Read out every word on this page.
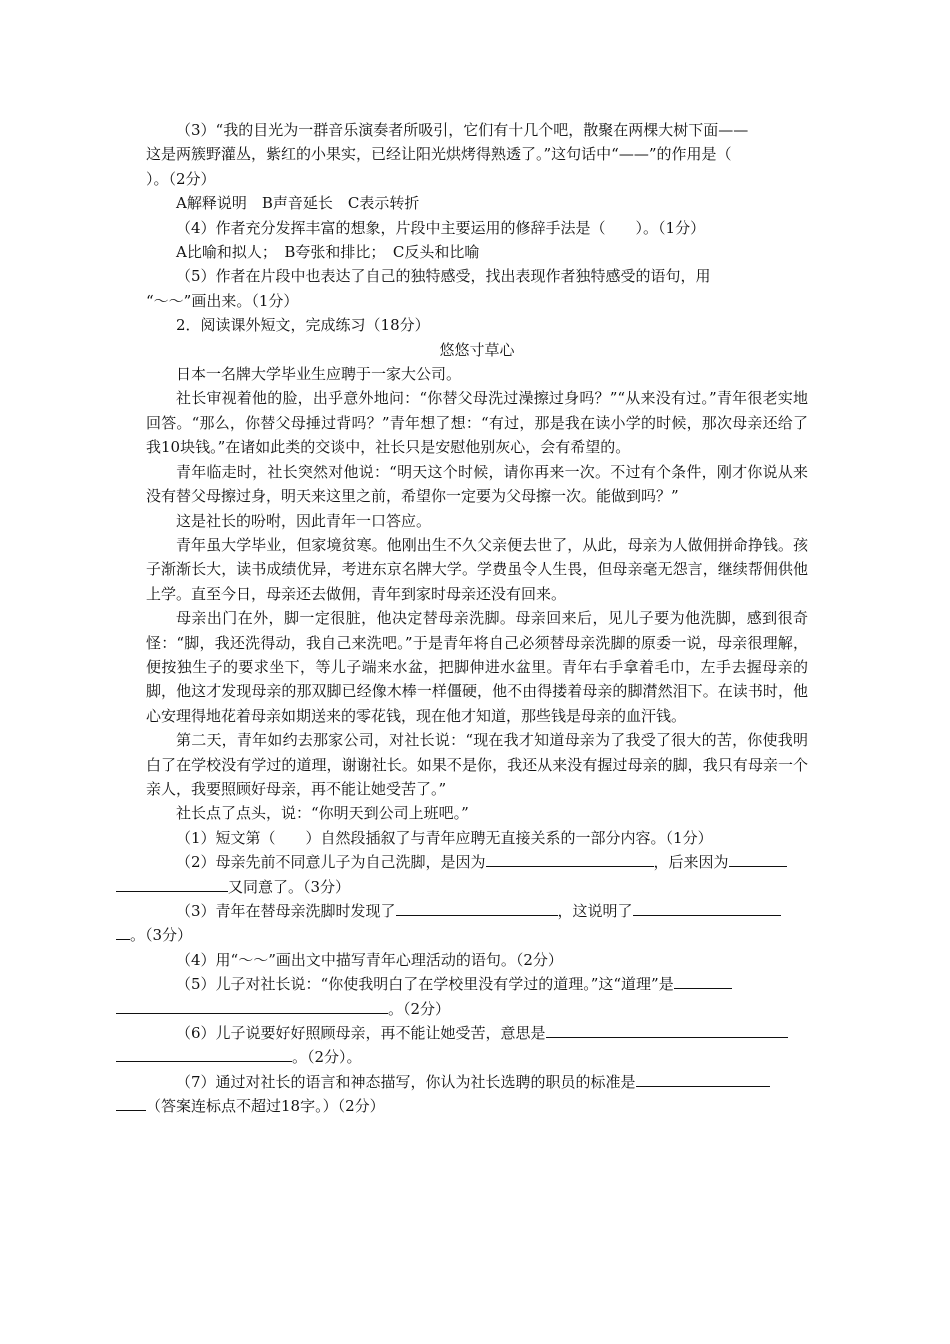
（3）“我的目光为一群音乐演奏者所吸引，它们有十几个吧，散聚在两棵大树下面——

这是两簇野灌丛，紫红的小果实，已经让阳光烘烤得熟透了。”这句话中“——”的作用是（

）。（2分）

A解释说明　B声音延长　C表示转折

（4）作者充分发挥丰富的想象，片段中主要运用的修辞手法是（　　）。（1分）

A比喻和拟人；　B夸张和排比；　C反头和比喻

（5）作者在片段中也表达了自己的独特感受，找出表现作者独特感受的语句，用

“～～”画出来。（1分）

2．阅读课外短文，完成练习（18分）

悠悠寸草心

日本一名牌大学毕业生应聘于一家大公司。

社长审视着他的脸，出乎意外地问：“你替父母洗过澡擦过身吗？”“从来没有过。”青年很老实地回答。“那么，你替父母捶过背吗？”青年想了想：“有过，那是我在读小学的时候，那次母亲还给了我10块钱。”在诸如此类的交谈中，社长只是安慰他别灰心，会有希望的。

青年临走时，社长突然对他说：“明天这个时候，请你再来一次。不过有个条件，刚才你说从来没有替父母擦过身，明天来这里之前，希望你一定要为父母擦一次。能做到吗？”

这是社长的吩咐，因此青年一口答应。

青年虽大学毕业，但家境贫寒。他刚出生不久父亲便去世了，从此，母亲为人做佣拼命挣钱。孩子渐渐长大，读书成绩优异，考进东京名牌大学。学费虽令人生畏，但母亲毫无怨言，继续帮佣供他上学。直至今日，母亲还去做佣，青年到家时母亲还没有回来。

母亲出门在外，脚一定很脏，他决定替母亲洗脚。母亲回来后，见儿子要为他洗脚，感到很奇怪：“脚，我还洗得动，我自己来洗吧。”于是青年将自己必须替母亲洗脚的原委一说，母亲很理解，便按独生子的要求坐下，等儿子端来水盆，把脚伸进水盆里。青年右手拿着毛巾，左手去握母亲的脚，他这才发现母亲的那双脚已经像木棒一样僵硬，他不由得搂着母亲的脚潸然泪下。在读书时，他心安理得地花着母亲如期送来的零花钱，现在他才知道，那些钱是母亲的血汗钱。

第二天，青年如约去那家公司，对社长说：“现在我才知道母亲为了我受了很大的苦，你使我明白了在学校没有学过的道理，谢谢社长。如果不是你，我还从来没有握过母亲的脚，我只有母亲一个亲人，我要照顾好母亲，再不能让她受苦了。”

社长点了点头，说：“你明天到公司上班吧。”

（1）短文第（　　）自然段插叙了与青年应聘无直接关系的一部分内容。（1分）

（2）母亲先前不同意儿子为自己洗脚，是因为	，后来因为
又同意了。（3分）

（3）青年在替母亲洗脚时发现了	，这说明了
。（3分）

（4）用“～～”画出文中描写青年心理活动的语句。（2分）

（5）儿子对社长说：“你使我明白了在学校里没有学过的道理。”这“道理”是
。（2分）

（6）儿子说要好好照顾母亲，再不能让她受苦，意思是
。（2分）。

（7）通过对社长的语言和神态描写，你认为社长选聘的职员的标准是
（答案连标点不超过18字。）（2分）
